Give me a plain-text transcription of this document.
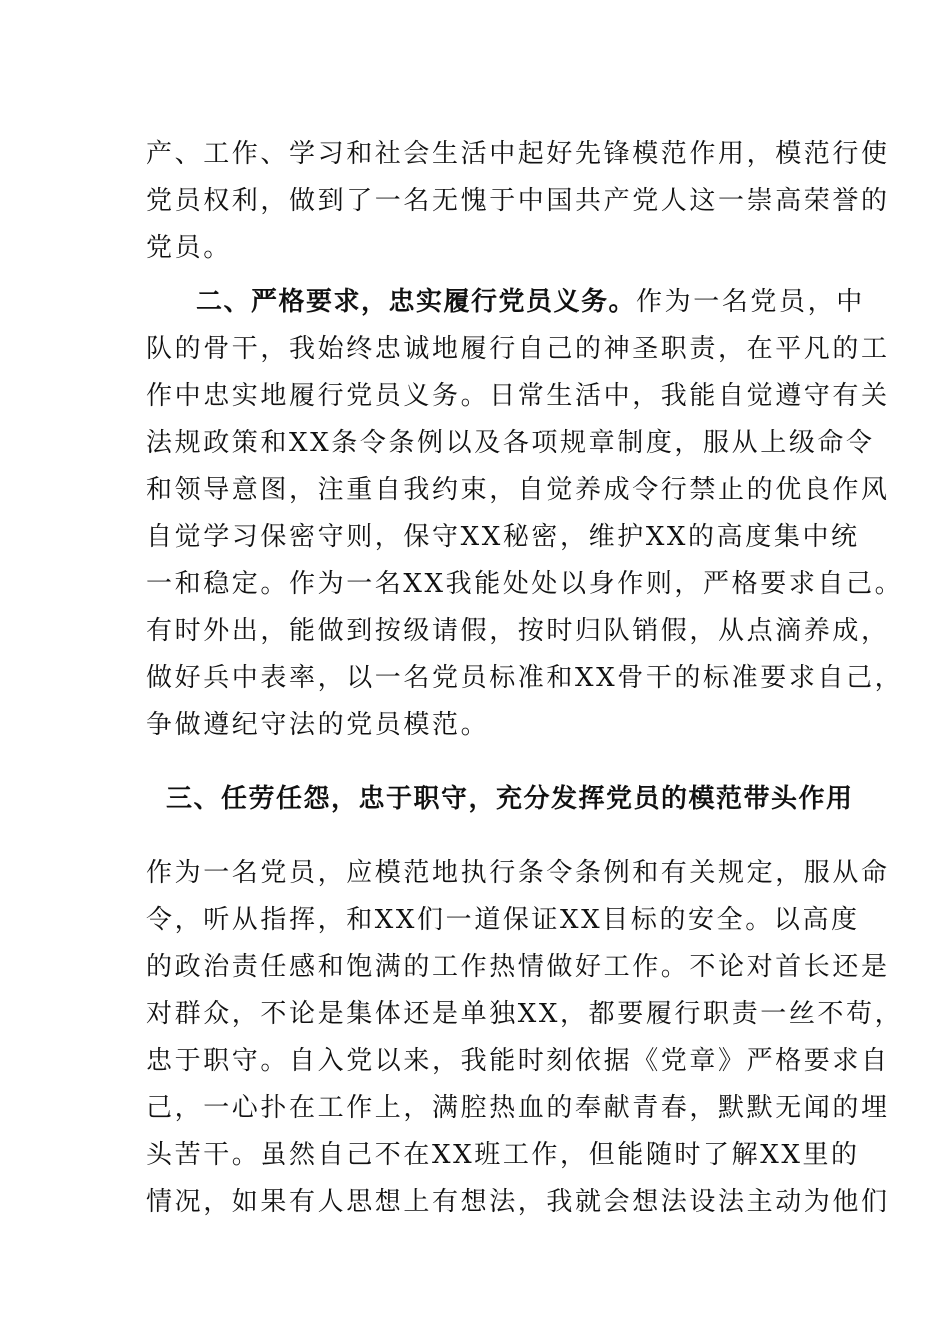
产、工作、学习和社会生活中起好先锋模范作用，模范行使
党员权利，做到了一名无愧于中国共产党人这一崇高荣誉的
党员。
二、严格要求，忠实履行党员义务。作为一名党员，中
队的骨干，我始终忠诚地履行自己的神圣职责，在平凡的工
作中忠实地履行党员义务。日常生活中，我能自觉遵守有关
法规政策和XX条令条例以及各项规章制度，服从上级命令
和领导意图，注重自我约束，自觉养成令行禁止的优良作风
自觉学习保密守则，保守XX秘密，维护XX的高度集中统
一和稳定。作为一名XX我能处处以身作则，严格要求自己。
有时外出，能做到按级请假，按时归队销假，从点滴养成，
做好兵中表率，以一名党员标准和XX骨干的标准要求自己，
争做遵纪守法的党员模范。
三、任劳任怨，忠于职守，充分发挥党员的模范带头作用
作为一名党员，应模范地执行条令条例和有关规定，服从命
令，听从指挥，和XX们一道保证XX目标的安全。以高度
的政治责任感和饱满的工作热情做好工作。不论对首长还是
对群众，不论是集体还是单独XX，都要履行职责一丝不苟，
忠于职守。自入党以来，我能时刻依据《党章》严格要求自
己，一心扑在工作上，满腔热血的奉献青春，默默无闻的埋
头苦干。虽然自己不在XX班工作，但能随时了解XX里的
情况，如果有人思想上有想法，我就会想法设法主动为他们
